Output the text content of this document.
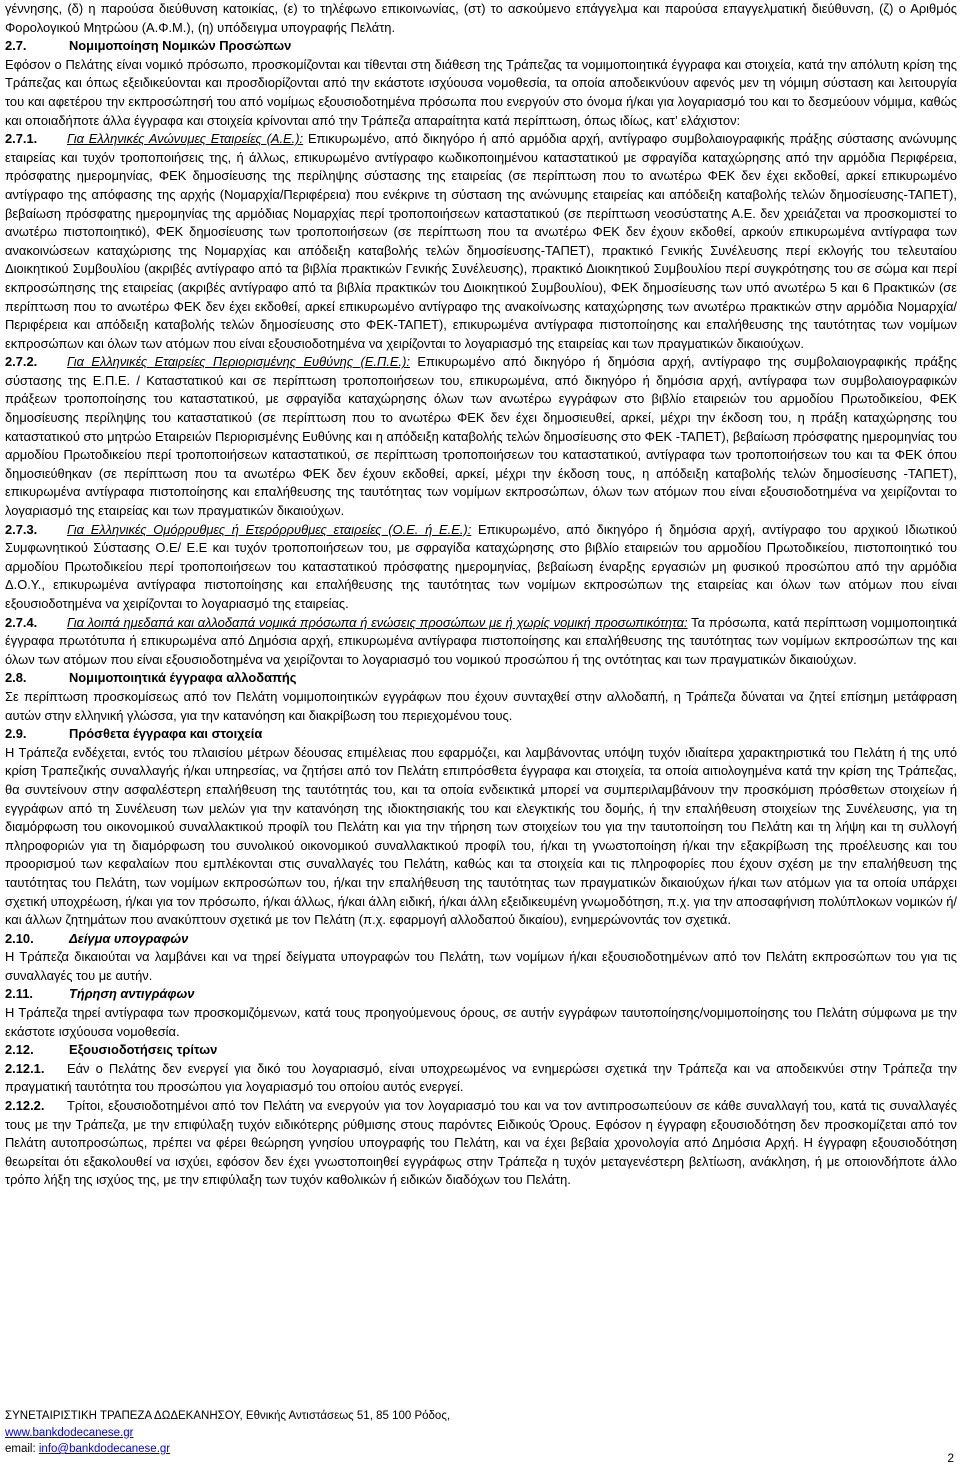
γέννησης, (δ) η παρούσα διεύθυνση κατοικίας, (ε) το τηλέφωνο επικοινωνίας, (στ) το ασκούμενο επάγγελμα και παρούσα επαγγελματική διεύθυνση, (ζ) ο Αριθμός Φορολογικού Μητρώου (Α.Φ.Μ.), (η) υπόδειγμα υπογραφής Πελάτη.

2.7.	Νομιμοποίηση Νομικών Προσώπων

Εφόσον ο Πελάτης είναι νομικό πρόσωπο, προσκομίζονται και τίθενται στη διάθεση της Τράπεζας τα νομιμοποιητικά έγγραφα και στοιχεία, κατά την απόλυτη κρίση της Τράπεζας και όπως εξειδικεύονται και προσδιορίζονται από την εκάστοτε ισχύουσα νομοθεσία, τα οποία αποδεικνύουν αφενός μεν τη νόμιμη σύσταση και λειτουργία του και αφετέρου την εκπροσώπησή του από νομίμως εξουσιοδοτημένα πρόσωπα που ενεργούν στο όνομα ή/και για λογαριασμό του και το δεσμεύουν νόμιμα, καθώς και οποιαδήποτε άλλα έγγραφα και στοιχεία κρίνονται από την Τράπεζα απαραίτητα κατά περίπτωση, όπως ιδίως, κατ’ ελάχιστον:

2.7.1. Για Ελληνικές Ανώνυμες Εταιρείες (Α.Ε.): Επικυρωμένο, από δικηγόρο ή από αρμόδια αρχή, αντίγραφο συμβολαιογραφικής πράξης σύστασης ανώνυμης εταιρείας και τυχόν τροποποιήσεις της, ή άλλως, επικυρωμένο αντίγραφο κωδικοποιημένου καταστατικού με σφραγίδα καταχώρησης από την αρμόδια Περιφέρεια, πρόσφατης ημερομηνίας, ΦΕΚ δημοσίευσης της περίληψης σύστασης της εταιρείας (σε περίπτωση που το ανωτέρω ΦΕΚ δεν έχει εκδοθεί, αρκεί επικυρωμένο αντίγραφο της απόφασης της αρχής (Νομαρχία/Περιφέρεια) που ενέκρινε τη σύσταση της ανώνυμης εταιρείας και απόδειξη καταβολής τελών δημοσίευσης-ΤΑΠΕΤ), βεβαίωση πρόσφατης ημερομηνίας της αρμόδιας Νομαρχίας περί τροποποιήσεων καταστατικού (σε περίπτωση νεοσύστατης Α.Ε. δεν χρειάζεται να προσκομιστεί το ανωτέρω πιστοποιητικό), ΦΕΚ δημοσίευσης των τροποποιήσεων (σε περίπτωση που τα ανωτέρω ΦΕΚ δεν έχουν εκδοθεί, αρκούν επικυρωμένα αντίγραφα των ανακοινώσεων καταχώρισης της Νομαρχίας και απόδειξη καταβολής τελών δημοσίευσης-ΤΑΠΕΤ), πρακτικό Γενικής Συνέλευσης περί εκλογής του τελευταίου Διοικητικού Συμβουλίου (ακριβές αντίγραφο από τα βιβλία πρακτικών Γενικής Συνέλευσης), πρακτικό Διοικητικού Συμβουλίου περί συγκρότησης του σε σώμα και περί εκπροσώπησης της εταιρείας (ακριβές αντίγραφο από τα βιβλία πρακτικών του Διοικητικού Συμβουλίου), ΦΕΚ δημοσίευσης των υπό ανωτέρω 5 και 6 Πρακτικών (σε περίπτωση που το ανωτέρω ΦΕΚ δεν έχει εκδοθεί, αρκεί επικυρωμένο αντίγραφο της ανακοίνωσης καταχώρησης των ανωτέρω πρακτικών στην αρμόδια Νομαρχία/Περιφέρεια και απόδειξη καταβολής τελών δημοσίευσης στο ΦΕΚ-ΤΑΠΕΤ), επικυρωμένα αντίγραφα πιστοποίησης και επαλήθευσης της ταυτότητας των νομίμων εκπροσώπων και όλων των ατόμων που είναι εξουσιοδοτημένα να χειρίζονται το λογαριασμό της εταιρείας και των πραγματικών δικαιούχων.

2.7.2. Για Ελληνικές Εταιρείες Περιορισμένης Ευθύνης (Ε.Π.Ε.): Επικυρωμένο από δικηγόρο ή δημόσια αρχή, αντίγραφο της συμβολαιογραφικής πράξης σύστασης της Ε.Π.Ε. / Καταστατικού και σε περίπτωση τροποποιήσεων του, επικυρωμένα, από δικηγόρο ή δημόσια αρχή, αντίγραφα των συμβολαιογραφικών πράξεων τροποποίησης του καταστατικού, με σφραγίδα καταχώρησης όλων των ανωτέρω εγγράφων στο βιβλίο εταιρειών του αρμοδίου Πρωτοδικείου, ΦΕΚ δημοσίευσης περίληψης του καταστατικού (σε περίπτωση που το ανωτέρω ΦΕΚ δεν έχει δημοσιευθεί, αρκεί, μέχρι την έκδοση του, η πράξη καταχώρησης του καταστατικού στο μητρώο Εταιρειών Περιορισμένης Ευθύνης και η απόδειξη καταβολής τελών δημοσίευσης στο ΦΕΚ -ΤΑΠΕΤ), βεβαίωση πρόσφατης ημερομηνίας του αρμοδίου Πρωτοδικείου περί τροποποιήσεων καταστατικού, σε περίπτωση τροποποιήσεων του καταστατικού, αντίγραφα των τροποποιήσεων του και τα ΦΕΚ όπου δημοσιεύθηκαν (σε περίπτωση που τα ανωτέρω ΦΕΚ δεν έχουν εκδοθεί, αρκεί, μέχρι την έκδοση τους, η απόδειξη καταβολής τελών δημοσίευσης -ΤΑΠΕΤ), επικυρωμένα αντίγραφα πιστοποίησης και επαλήθευσης της ταυτότητας των νομίμων εκπροσώπων, όλων των ατόμων που είναι εξουσιοδοτημένα να χειρίζονται το λογαριασμό της εταιρείας και των πραγματικών δικαιούχων.

2.7.3. Για Ελληνικές Ομόρρυθμες ή Ετερόρρυθμες εταιρείες (Ο.Ε. ή Ε.Ε.): Επικυρωμένο, από δικηγόρο ή δημόσια αρχή, αντίγραφο του αρχικού Ιδιωτικού Συμφωνητικού Σύστασης Ο.Ε/ Ε.Ε και τυχόν τροποποιήσεων του, με σφραγίδα καταχώρησης στο βιβλίο εταιρειών του αρμοδίου Πρωτοδικείου, πιστοποιητικό του αρμοδίου Πρωτοδικείου περί τροποποιήσεων του καταστατικού πρόσφατης ημερομηνίας, βεβαίωση έναρξης εργασιών μη φυσικού προσώπου από την αρμόδια Δ.Ο.Υ., επικυρωμένα αντίγραφα πιστοποίησης και επαλήθευσης της ταυτότητας των νομίμων εκπροσώπων της εταιρείας και όλων των ατόμων που είναι εξουσιοδοτημένα να χειρίζονται το λογαριασμό της εταιρείας.

2.7.4. Για λοιπά ημεδαπά και αλλοδαπά νομικά πρόσωπα ή ενώσεις προσώπων με ή χωρίς νομική προσωπικότητα: Τα πρόσωπα, κατά περίπτωση νομιμοποιητικά έγγραφα πρωτότυπα ή επικυρωμένα από Δημόσια αρχή, επικυρωμένα αντίγραφα πιστοποίησης και επαλήθευσης της ταυτότητας των νομίμων εκπροσώπων της και όλων των ατόμων που είναι εξουσιοδοτημένα να χειρίζονται το λογαριασμό του νομικού προσώπου ή της οντότητας και των πραγματικών δικαιούχων.

2.8.	Νομιμοποιητικά έγγραφα αλλοδαπής

Σε περίπτωση προσκομίσεως από τον Πελάτη νομιμοποιητικών εγγράφων που έχουν συνταχθεί στην αλλοδαπή, η Τράπεζα δύναται να ζητεί επίσημη μετάφραση αυτών στην ελληνική γλώσσα, για την κατανόηση και διακρίβωση του περιεχομένου τους.

2.9.	Πρόσθετα έγγραφα και στοιχεία

Η Τράπεζα ενδέχεται, εντός του πλαισίου μέτρων δέουσας επιμέλειας που εφαρμόζει, και λαμβάνοντας υπόψη τυχόν ιδιαίτερα χαρακτηριστικά του Πελάτη ή της υπό κρίση Τραπεζικής συναλλαγής ή/και υπηρεσίας, να ζητήσει από τον Πελάτη επιπρόσθετα έγγραφα και στοιχεία, τα οποία αιτιολογημένα κατά την κρίση της Τράπεζας, θα συντείνουν στην ασφαλέστερη επαλήθευση της ταυτότητάς του, και τα οποία ενδεικτικά μπορεί να συμπεριλαμβάνουν την προσκόμιση πρόσθετων στοιχείων ή εγγράφων από τη Συνέλευση των μελών για την κατανόηση της ιδιοκτησιακής του και ελεγκτικής του δομής, ή την επαλήθευση στοιχείων της Συνέλευσης, για τη διαμόρφωση του οικονομικού συναλλακτικού προφίλ του Πελάτη και για την τήρηση των στοιχείων του για την ταυτοποίηση του Πελάτη και τη λήψη και τη συλλογή πληροφοριών για τη διαμόρφωση του συνολικού οικονομικού συναλλακτικού προφίλ του, ή/και τη γνωστοποίηση ή/και την εξακρίβωση της προέλευσης και του προορισμού των κεφαλαίων που εμπλέκονται στις συναλλαγές του Πελάτη, καθώς και τα στοιχεία και τις πληροφορίες που έχουν σχέση με την επαλήθευση της ταυτότητας του Πελάτη, των νομίμων εκπροσώπων του, ή/και την επαλήθευση της ταυτότητας των πραγματικών δικαιούχων ή/και των ατόμων για τα οποία υπάρχει σχετική υποχρέωση, ή/και για τον πρόσωπο, ή/και άλλως, ή/και άλλη ειδική, ή/και άλλη εξειδικευμένη γνωμοδότηση, π.χ. για την αποσαφήνιση πολύπλοκων νομικών ή/και άλλων ζητημάτων που ανακύπτουν σχετικά με τον Πελάτη (π.χ. εφαρμογή αλλοδαπού δικαίου), ενημερώνοντάς τον σχετικά.

2.10.	Δείγμα υπογραφών

Η Τράπεζα δικαιούται να λαμβάνει και να τηρεί δείγματα υπογραφών του Πελάτη, των νομίμων ή/και εξουσιοδοτημένων από τον Πελάτη εκπροσώπων του για τις συναλλαγές του με αυτήν.

2.11.	Τήρηση αντιγράφων

Η Τράπεζα τηρεί αντίγραφα των προσκομιζόμενων, κατά τους προηγούμενους όρους, σε αυτήν εγγράφων ταυτοποίησης/νομιμοποίησης του Πελάτη σύμφωνα με την εκάστοτε ισχύουσα νομοθεσία.

2.12.	Εξουσιοδοτήσεις τρίτων

2.12.1. Εάν ο Πελάτης δεν ενεργεί για δικό του λογαριασμό, είναι υποχρεωμένος να ενημερώσει σχετικά την Τράπεζα και να αποδεικνύει στην Τράπεζα την πραγματική ταυτότητα του προσώπου για λογαριασμό του οποίου αυτός ενεργεί.

2.12.2. Τρίτοι, εξουσιοδοτημένοι από τον Πελάτη να ενεργούν για τον λογαριασμό του και να τον αντιπροσωπεύουν σε κάθε συναλλαγή του, κατά τις συναλλαγές τους με την Τράπεζα, με την επιφύλαξη τυχόν ειδικότερης ρύθμισης στους παρόντες Ειδικούς Όρους. Εφόσον η έγγραφη εξουσιοδότηση δεν προσκομίζεται από τον Πελάτη αυτοπροσώπως, πρέπει να φέρει θεώρηση γνησίου υπογραφής του Πελάτη, και να έχει βεβαία χρονολογία από Δημόσια Αρχή. Η έγγραφη εξουσιοδότηση θεωρείται ότι εξακολουθεί να ισχύει, εφόσον δεν έχει γνωστοποιηθεί εγγράφως στην Τράπεζα η τυχόν μεταγενέστερη βελτίωση, ανάκληση, ή με οποιονδήποτε άλλο τρόπο λήξη της ισχύος της, με την επιφύλαξη των τυχόν καθολικών ή ειδικών διαδόχων του Πελάτη.

ΣΥΝΕΤΑΙΡΙΣΤΙΚΗ ΤΡΑΠΕΖΑ ΔΩΔΕΚΑΝΗΣΟΥ, Εθνικής Αντιστάσεως 51, 85 100 Ρόδος,
www.bankdodecanese.gr
email: info@bankdodecanese.gr
2
